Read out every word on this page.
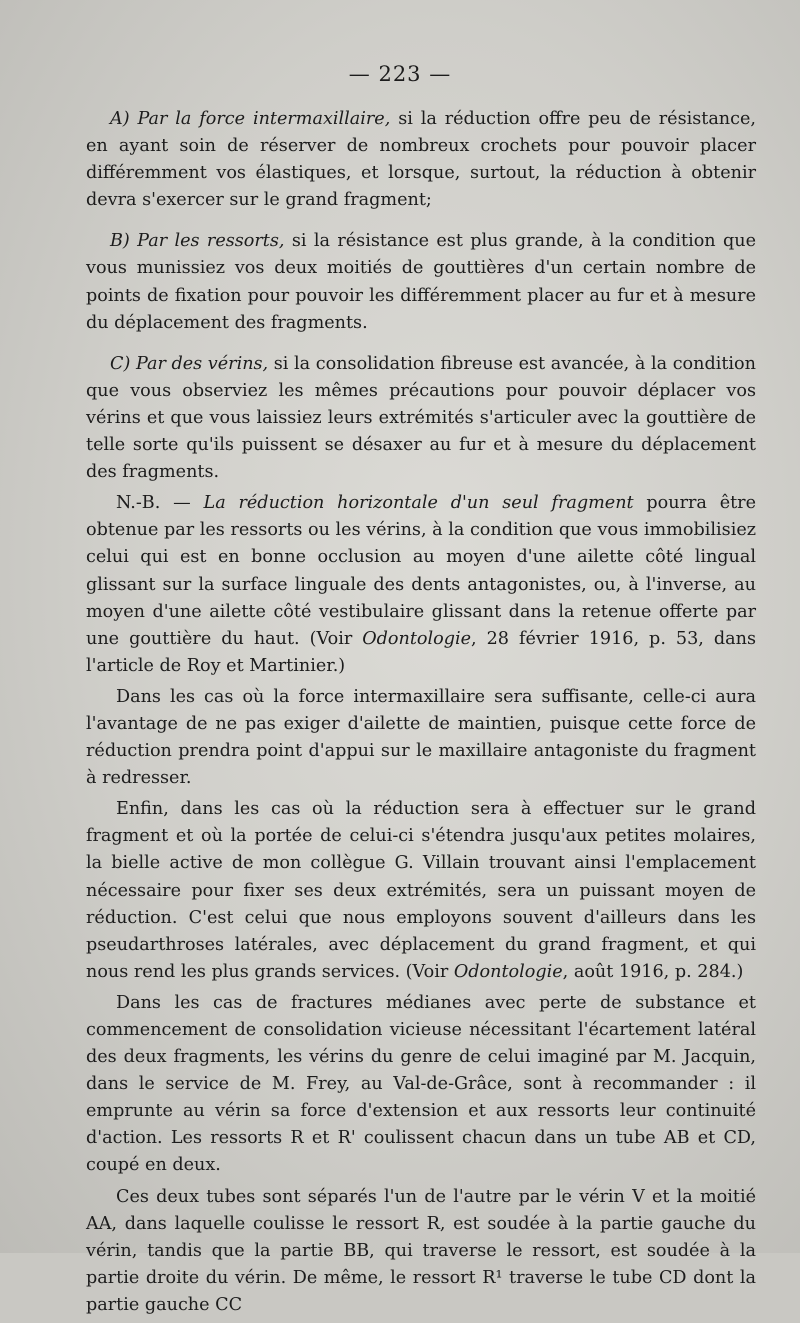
— 223 —

A) Par la force intermaxillaire, si la réduction offre peu de résistance, en ayant soin de réserver de nombreux crochets pour pouvoir placer différemment vos élastiques, et lorsque, surtout, la réduction à obtenir devra s'exercer sur le grand fragment;

B) Par les ressorts, si la résistance est plus grande, à la condition que vous munissiez vos deux moitiés de gouttières d'un certain nombre de points de fixation pour pouvoir les différemment placer au fur et à mesure du déplacement des fragments.

C) Par des vérins, si la consolidation fibreuse est avancée, à la condition que vous observiez les mêmes précautions pour pouvoir déplacer vos vérins et que vous laissiez leurs extrémités s'articuler avec la gouttière de telle sorte qu'ils puissent se désaxer au fur et à mesure du déplacement des fragments.

N.-B. — La réduction horizontale d'un seul fragment pourra être obtenue par les ressorts ou les vérins, à la condition que vous immobilisiez celui qui est en bonne occlusion au moyen d'une ailette côté lingual glissant sur la surface linguale des dents antagonistes, ou, à l'inverse, au moyen d'une ailette côté vestibulaire glissant dans la retenue offerte par une gouttière du haut. (Voir Odontologie, 28 février 1916, p. 53, dans l'article de Roy et Martinier.)

Dans les cas où la force intermaxillaire sera suffisante, celle-ci aura l'avantage de ne pas exiger d'ailette de maintien, puisque cette force de réduction prendra point d'appui sur le maxillaire antagoniste du fragment à redresser.

Enfin, dans les cas où la réduction sera à effectuer sur le grand fragment et où la portée de celui-ci s'étendra jusqu'aux petites molaires, la bielle active de mon collègue G. Villain trouvant ainsi l'emplacement nécessaire pour fixer ses deux extrémités, sera un puissant moyen de réduction. C'est celui que nous employons souvent d'ailleurs dans les pseudarthroses latérales, avec déplacement du grand fragment, et qui nous rend les plus grands services. (Voir Odontologie, août 1916, p. 284.)

Dans les cas de fractures médianes avec perte de substance et commencement de consolidation vicieuse nécessitant l'écartement latéral des deux fragments, les vérins du genre de celui imaginé par M. Jacquin, dans le service de M. Frey, au Val-de-Grâce, sont à recommander : il emprunte au vérin sa force d'extension et aux ressorts leur continuité d'action. Les ressorts R et R' coulissent chacun dans un tube AB et CD, coupé en deux.

Ces deux tubes sont séparés l'un de l'autre par le vérin V et la moitié AA, dans laquelle coulisse le ressort R, est soudée à la partie gauche du vérin, tandis que la partie BB, qui traverse le ressort, est soudée à la partie droite du vérin. De même, le ressort R¹ traverse le tube CD dont la partie gauche CC
